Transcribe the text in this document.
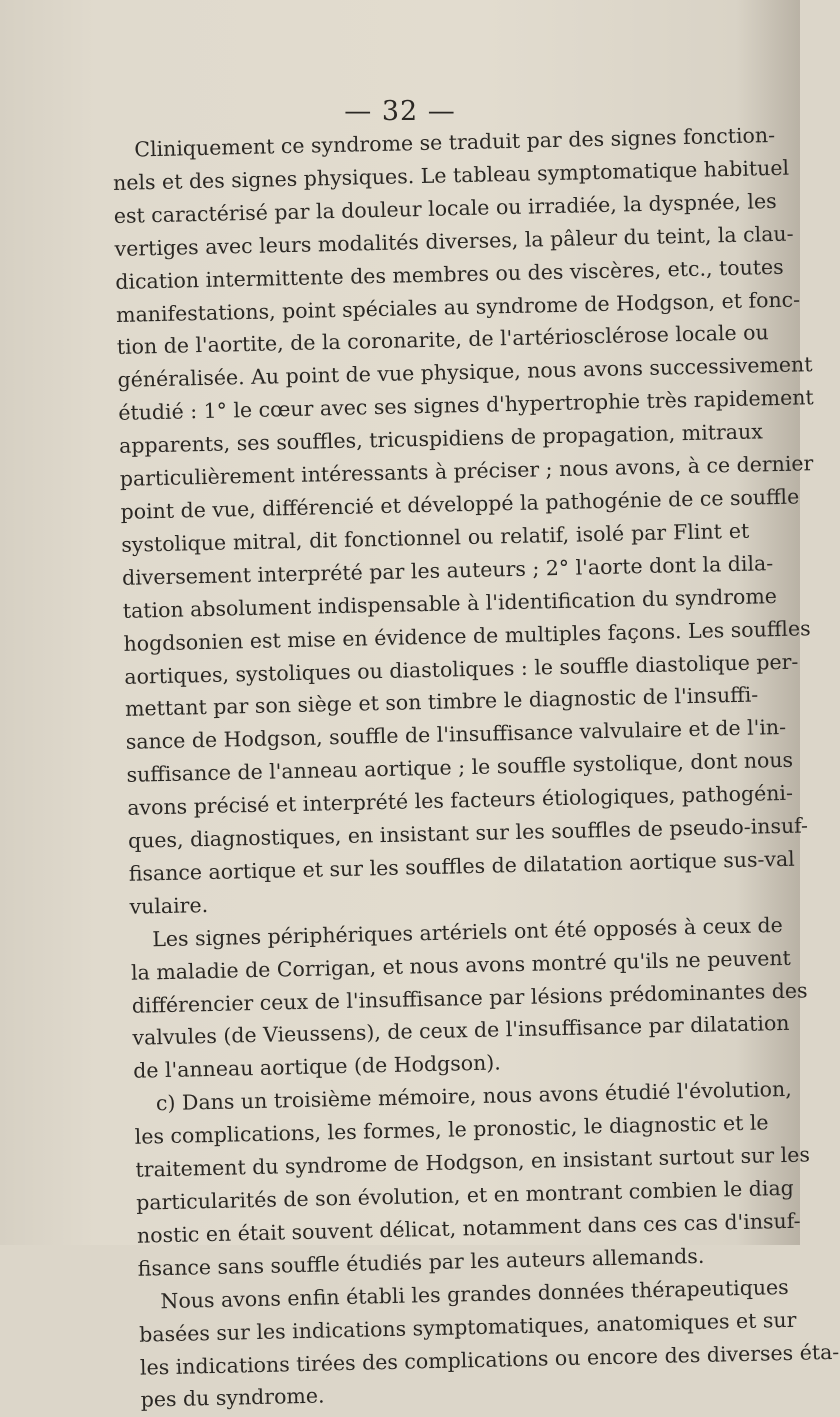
— 32 —

Cliniquement ce syndrome se traduit par des signes fonction-
nels et des signes physiques. Le tableau symptomatique habituel
est caractérisé par la douleur locale ou irradiée, la dyspnée, les
vertiges avec leurs modalités diverses, la pâleur du teint, la clau-
dication intermittente des membres ou des viscères, etc., toutes
manifestations, point spéciales au syndrome de Hodgson, et fonc-
tion de l'aortite, de la coronarite, de l'artériosclérose locale ou
généralisée. Au point de vue physique, nous avons successivement
étudié : 1° le cœur avec ses signes d'hypertrophie très rapidement
apparents, ses souffles, tricuspidiens de propagation, mitraux
particulièrement intéressants à préciser ; nous avons, à ce dernier
point de vue, différencié et développé la pathogénie de ce souffle
systolique mitral, dit fonctionnel ou relatif, isolé par Flint et
diversement interprété par les auteurs ; 2° l'aorte dont la dila-
tation absolument indispensable à l'identification du syndrome
hogdsonien est mise en évidence de multiples façons. Les souffles
aortiques, systoliques ou diastoliques : le souffle diastolique per-
mettant par son siège et son timbre le diagnostic de l'insuffi-
sance de Hodgson, souffle de l'insuffisance valvulaire et de l'in-
suffisance de l'anneau aortique ; le souffle systolique, dont nous
avons précisé et interprété les facteurs étiologiques, pathogéni-
ques, diagnostiques, en insistant sur les souffles de pseudo-insuf-
fisance aortique et sur les souffles de dilatation aortique sus-val
vulaire.

Les signes périphériques artériels ont été opposés à ceux de
la maladie de Corrigan, et nous avons montré qu'ils ne peuvent
différencier ceux de l'insuffisance par lésions prédominantes des
valvules (de Vieussens), de ceux de l'insuffisance par dilatation
de l'anneau aortique (de Hodgson).

c) Dans un troisième mémoire, nous avons étudié l'évolution,
les complications, les formes, le pronostic, le diagnostic et le
traitement du syndrome de Hodgson, en insistant surtout sur les
particularités de son évolution, et en montrant combien le diag
nostic en était souvent délicat, notamment dans ces cas d'insuf-
fisance sans souffle étudiés par les auteurs allemands.

Nous avons enfin établi les grandes données thérapeutiques
basées sur les indications symptomatiques, anatomiques et sur
les indications tirées des complications ou encore des diverses éta-
pes du syndrome.
